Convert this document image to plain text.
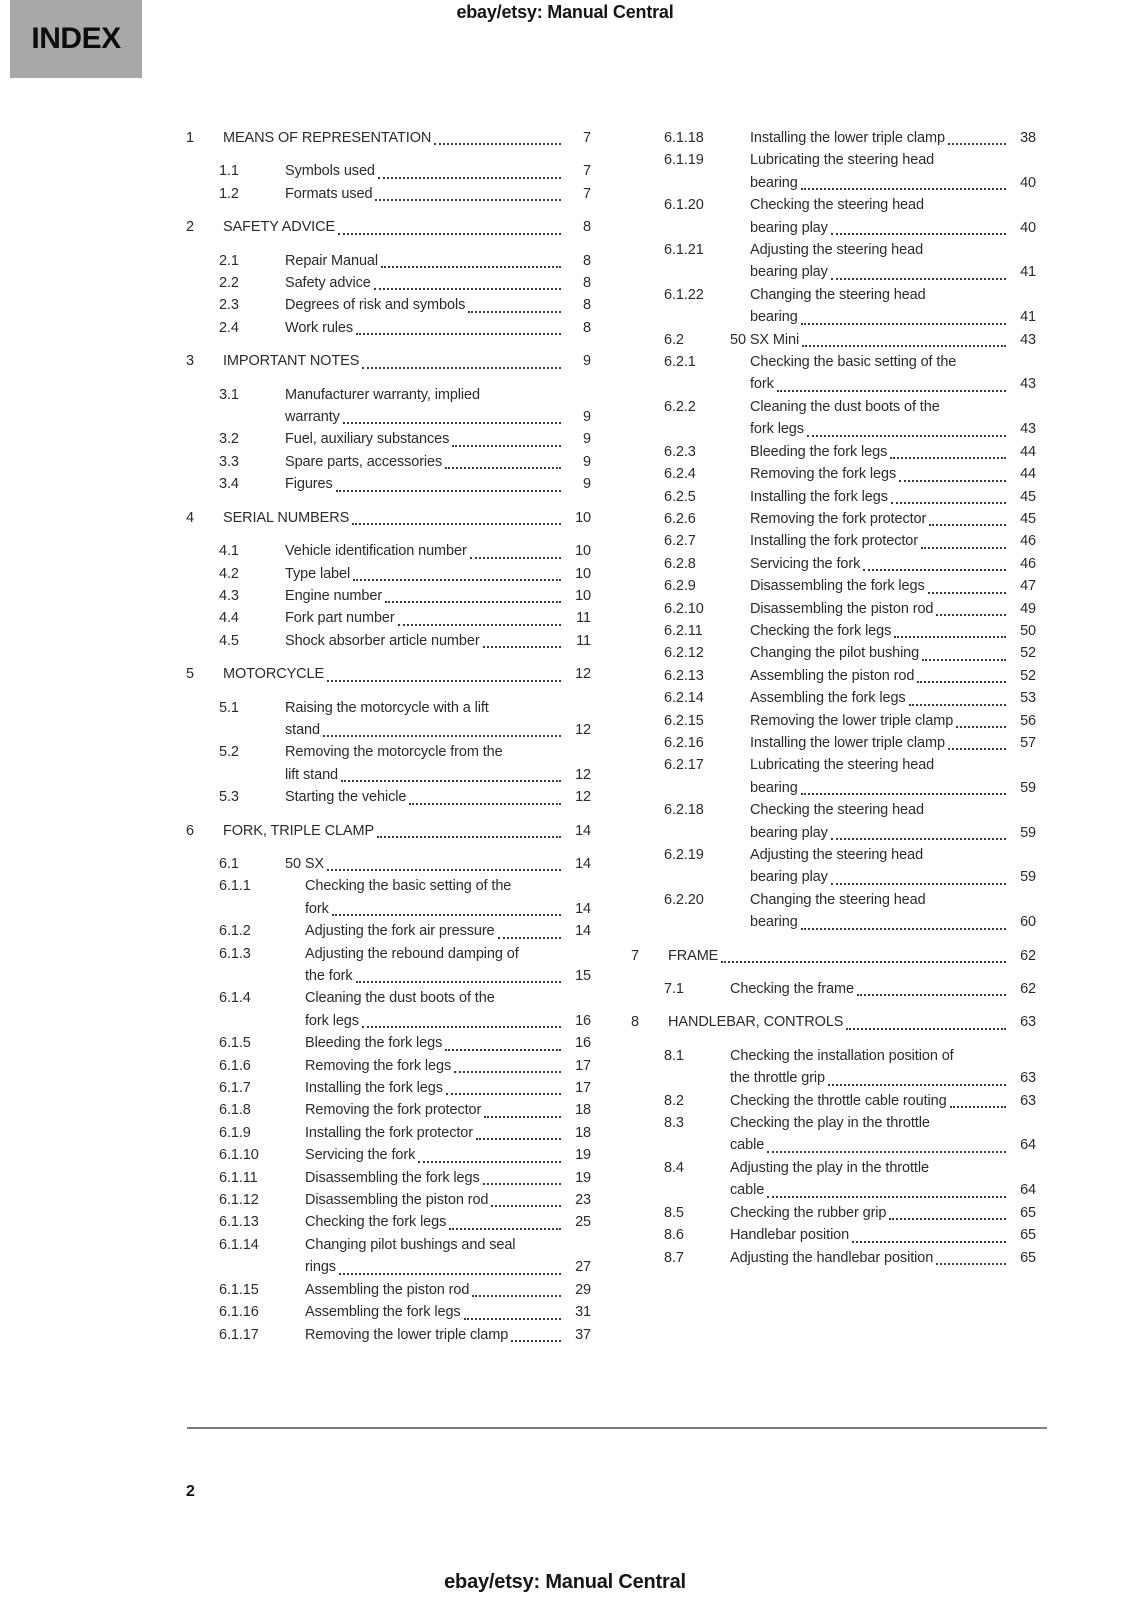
ebay/etsy: Manual Central
INDEX
1	MEANS OF REPRESENTATION	7
1.1	Symbols used	7
1.2	Formats used	7
2	SAFETY ADVICE	8
2.1	Repair Manual	8
2.2	Safety advice	8
2.3	Degrees of risk and symbols	8
2.4	Work rules	8
3	IMPORTANT NOTES	9
3.1	Manufacturer warranty, implied
warranty	9
3.2	Fuel, auxiliary substances	9
3.3	Spare parts, accessories	9
3.4	Figures	9
4	SERIAL NUMBERS	10
4.1	Vehicle identification number	10
4.2	Type label	10
4.3	Engine number	10
4.4	Fork part number	11
4.5	Shock absorber article number	11
5	MOTORCYCLE	12
5.1	Raising the motorcycle with a lift
stand	12
5.2	Removing the motorcycle from the
lift stand	12
5.3	Starting the vehicle	12
6	FORK, TRIPLE CLAMP	14
6.1	50 SX	14
6.1.1	Checking the basic setting of the
fork	14
6.1.2	Adjusting the fork air pressure	14
6.1.3	Adjusting the rebound damping of
the fork	15
6.1.4	Cleaning the dust boots of the
fork legs	16
6.1.5	Bleeding the fork legs	16
6.1.6	Removing the fork legs	17
6.1.7	Installing the fork legs	17
6.1.8	Removing the fork protector	18
6.1.9	Installing the fork protector	18
6.1.10	Servicing the fork	19
6.1.11	Disassembling the fork legs	19
6.1.12	Disassembling the piston rod	23
6.1.13	Checking the fork legs	25
6.1.14	Changing pilot bushings and seal
rings	27
6.1.15	Assembling the piston rod	29
6.1.16	Assembling the fork legs	31
6.1.17	Removing the lower triple clamp	37
6.1.18	Installing the lower triple clamp	38
6.1.19	Lubricating the steering head
bearing	40
6.1.20	Checking the steering head
bearing play	40
6.1.21	Adjusting the steering head
bearing play	41
6.1.22	Changing the steering head
bearing	41
6.2	50 SX Mini	43
6.2.1	Checking the basic setting of the
fork	43
6.2.2	Cleaning the dust boots of the
fork legs	43
6.2.3	Bleeding the fork legs	44
6.2.4	Removing the fork legs	44
6.2.5	Installing the fork legs	45
6.2.6	Removing the fork protector	45
6.2.7	Installing the fork protector	46
6.2.8	Servicing the fork	46
6.2.9	Disassembling the fork legs	47
6.2.10	Disassembling the piston rod	49
6.2.11	Checking the fork legs	50
6.2.12	Changing the pilot bushing	52
6.2.13	Assembling the piston rod	52
6.2.14	Assembling the fork legs	53
6.2.15	Removing the lower triple clamp	56
6.2.16	Installing the lower triple clamp	57
6.2.17	Lubricating the steering head
bearing	59
6.2.18	Checking the steering head
bearing play	59
6.2.19	Adjusting the steering head
bearing play	59
6.2.20	Changing the steering head
bearing	60
7	FRAME	62
7.1	Checking the frame	62
8	HANDLEBAR, CONTROLS	63
8.1	Checking the installation position of
the throttle grip	63
8.2	Checking the throttle cable routing	63
8.3	Checking the play in the throttle
cable	64
8.4	Adjusting the play in the throttle
cable	64
8.5	Checking the rubber grip	65
8.6	Handlebar position	65
8.7	Adjusting the handlebar position	65
2
ebay/etsy: Manual Central
